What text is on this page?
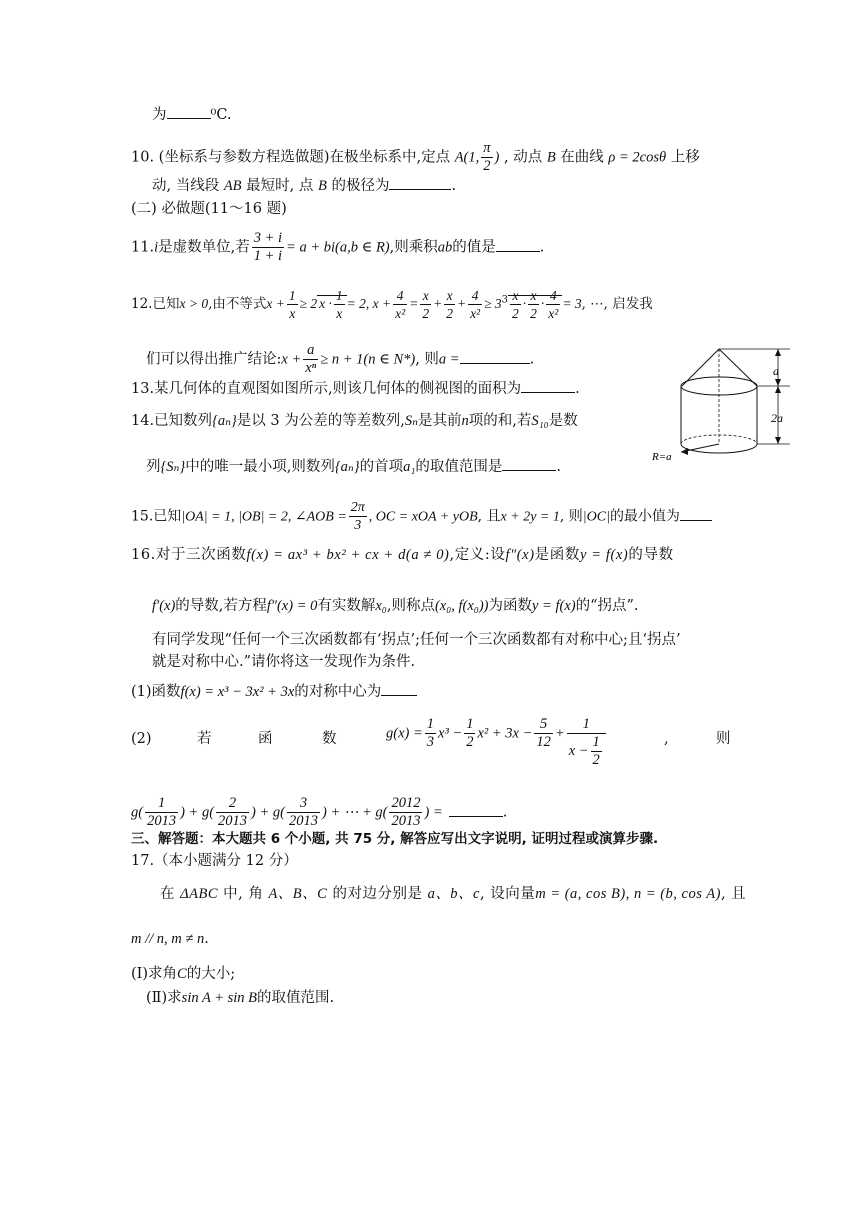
为	⁰C.
10. (坐标系与参数方程选做题)在极坐标系中,定点 A(1, $\frac{\pi}{2}$ ) , 动点 B 在曲线 ρ = 2cosθ 上移
动, 当线段 AB 最短时, 点 B 的极径为	.
(二) 必做题(11～16 题)
11.i是虚数单位,若 $\frac{3 + i}{1 + i} = a + bi(a,b$ ∈ R),则乘积ab的值是	.
12.已知x > 0,由不等式$x + \frac{1}{x} \ge 2$ $x \cdot \frac{1}{x} = 2$, $x + \frac{4}{\text{x²}} = \frac{x}{2} + \frac{x}{2} + \frac{4}{\text{x²}} \ge 3^3 \frac{x}{2} \cdot \frac{x}{2} \cdot \frac{4}{\text{x²}} = 3$, ⋯, 启发我
们可以得出推广结论:x + $\frac{a}{\text{xⁿ}} \ge n + 1(n$ ∈ N*), 则a =	.
13.某几何体的直观图如图所示,则该几何体的侧视图的面积为	.
a
2a
R=a
14.已知数列{aₙ}是以 3 为公差的等差数列,Sₙ是其前n项的和,若S₁₀是数
列{Sₙ}中的唯一最小项,则数列{aₙ}的首项a₁的取值范围是	.
15.已知|OA| = 1, |OB| = 2, ∠AOB = $\frac{2\pi}{3}$ , OC = xOA + yOB, 且x + 2y = 1, 则|OC|的最小值为
16.对于三次函数f(x) = ax³ + bx² + cx + d(a ≠ 0),定义:设f″(x)是函数y = f(x)的导数
f′(x)的导数,若方程f″(x) = 0有实数解x₀,则称点(x₀, f(x₀))为函数y = f(x)的“拐点”.
有同学发现“任何一个三次函数都有‘拐点’;任何一个三次函数都有对称中心;且‘拐点’
就是对称中心.”请你将这一发现作为条件.
(1)函数f(x) = x³ − 3x² + 3x的对称中心为
(2)	若	函	数	$g(x) = \frac{1}{3} x^3 - \frac{1}{2} x^2 + 3x - \frac{5}{12} + \frac{1}{x - \frac{1}{2}}$	,	则
$g( \frac{1}{2013}$ ) + $g( \frac{2}{2013}$ ) + $g( \frac{3}{2013}$ ) + ⋯ + $g( \frac{2012}{2013}$ ) =	.
三、解答题：本大题共 6 个小题, 共 75 分, 解答应写出文字说明, 证明过程或演算步骤.
17.（本小题满分 12 分）
在 ΔABC 中, 角 A、B、C 的对边分别是 a、b、c, 设向量m = (a, cos B), n = (b, cos A), 且
m // n, m ≠ n.
(Ⅰ)求角C的大小;
(Ⅱ)求sin A + sin B的取值范围.
